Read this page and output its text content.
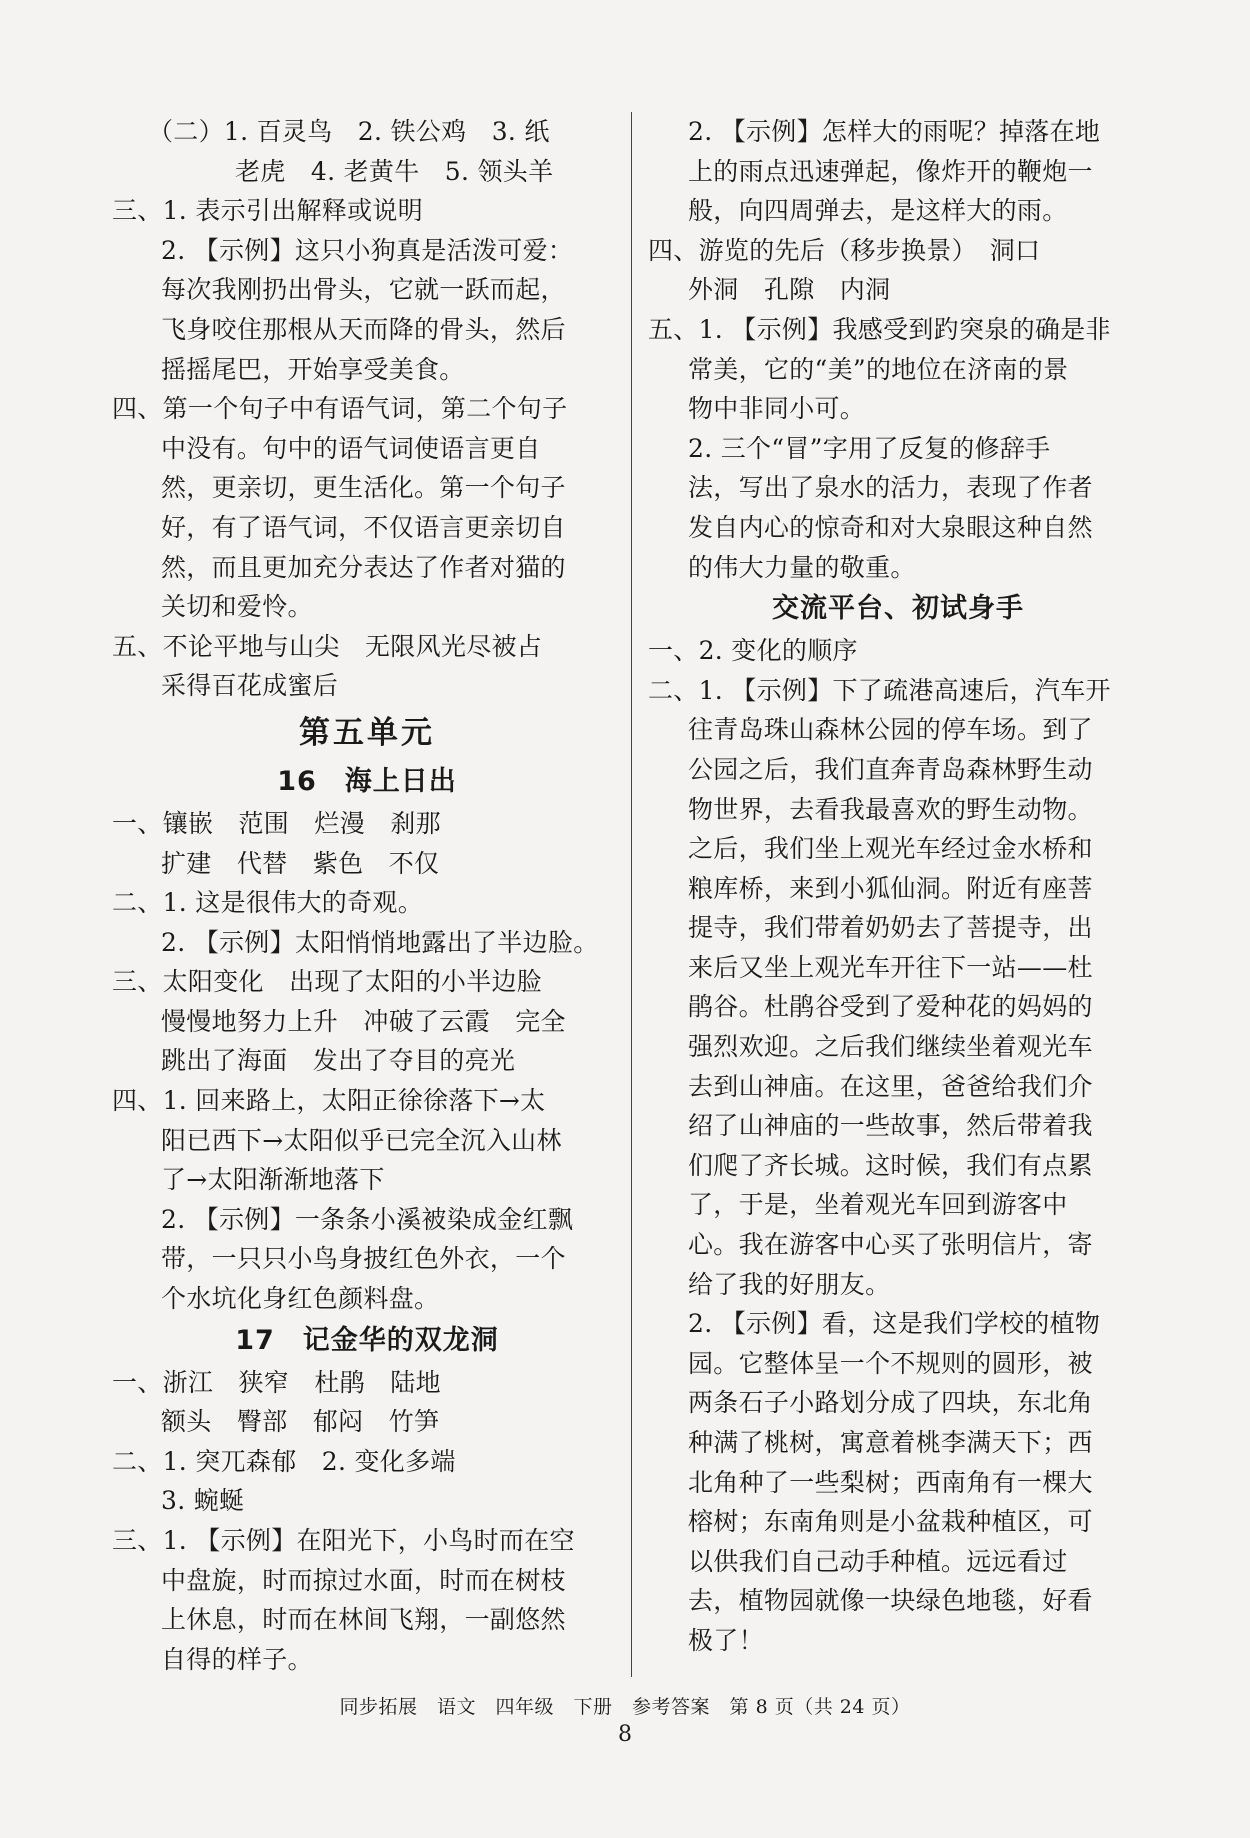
（二）1. 百灵鸟　2. 铁公鸡　3. 纸
老虎　4. 老黄牛　5. 领头羊
三、1. 表示引出解释或说明
2. 【示例】这只小狗真是活泼可爱：
每次我刚扔出骨头，它就一跃而起，
飞身咬住那根从天而降的骨头，然后
摇摇尾巴，开始享受美食。
四、第一个句子中有语气词，第二个句子
中没有。句中的语气词使语言更自
然，更亲切，更生活化。第一个句子
好，有了语气词，不仅语言更亲切自
然，而且更加充分表达了作者对猫的
关切和爱怜。
五、不论平地与山尖　无限风光尽被占
采得百花成蜜后
第五单元
16　海上日出
一、镶嵌　范围　烂漫　刹那
扩建　代替　紫色　不仅
二、1. 这是很伟大的奇观。
2. 【示例】太阳悄悄地露出了半边脸。
三、太阳变化　出现了太阳的小半边脸
慢慢地努力上升　冲破了云霞　完全
跳出了海面　发出了夺目的亮光
四、1. 回来路上，太阳正徐徐落下→太
阳已西下→太阳似乎已完全沉入山林
了→太阳渐渐地落下
2. 【示例】一条条小溪被染成金红飘
带，一只只小鸟身披红色外衣，一个
个水坑化身红色颜料盘。
17　记金华的双龙洞
一、浙江　狭窄　杜鹃　陆地
额头　臀部　郁闷　竹笋
二、1. 突兀森郁　2. 变化多端
3. 蜿蜒
三、1. 【示例】在阳光下，小鸟时而在空
中盘旋，时而掠过水面，时而在树枝
上休息，时而在林间飞翔，一副悠然
自得的样子。
2. 【示例】怎样大的雨呢？掉落在地
上的雨点迅速弹起，像炸开的鞭炮一
般，向四周弹去，是这样大的雨。
四、游览的先后（移步换景）　洞口
外洞　孔隙　内洞
五、1. 【示例】我感受到趵突泉的确是非
常美，它的“美”的地位在济南的景
物中非同小可。
2. 三个“冒”字用了反复的修辞手
法，写出了泉水的活力，表现了作者
发自内心的惊奇和对大泉眼这种自然
的伟大力量的敬重。
交流平台、初试身手
一、2. 变化的顺序
二、1. 【示例】下了疏港高速后，汽车开
往青岛珠山森林公园的停车场。到了
公园之后，我们直奔青岛森林野生动
物世界，去看我最喜欢的野生动物。
之后，我们坐上观光车经过金水桥和
粮库桥，来到小狐仙洞。附近有座菩
提寺，我们带着奶奶去了菩提寺，出
来后又坐上观光车开往下一站——杜
鹃谷。杜鹃谷受到了爱种花的妈妈的
强烈欢迎。之后我们继续坐着观光车
去到山神庙。在这里，爸爸给我们介
绍了山神庙的一些故事，然后带着我
们爬了齐长城。这时候，我们有点累
了，于是，坐着观光车回到游客中
心。我在游客中心买了张明信片，寄
给了我的好朋友。
2. 【示例】看，这是我们学校的植物
园。它整体呈一个不规则的圆形，被
两条石子小路划分成了四块，东北角
种满了桃树，寓意着桃李满天下；西
北角种了一些梨树；西南角有一棵大
榕树；东南角则是小盆栽种植区，可
以供我们自己动手种植。远远看过
去，植物园就像一块绿色地毯，好看
极了！
同步拓展　语文　四年级　下册　参考答案　第 8 页（共 24 页）
8
